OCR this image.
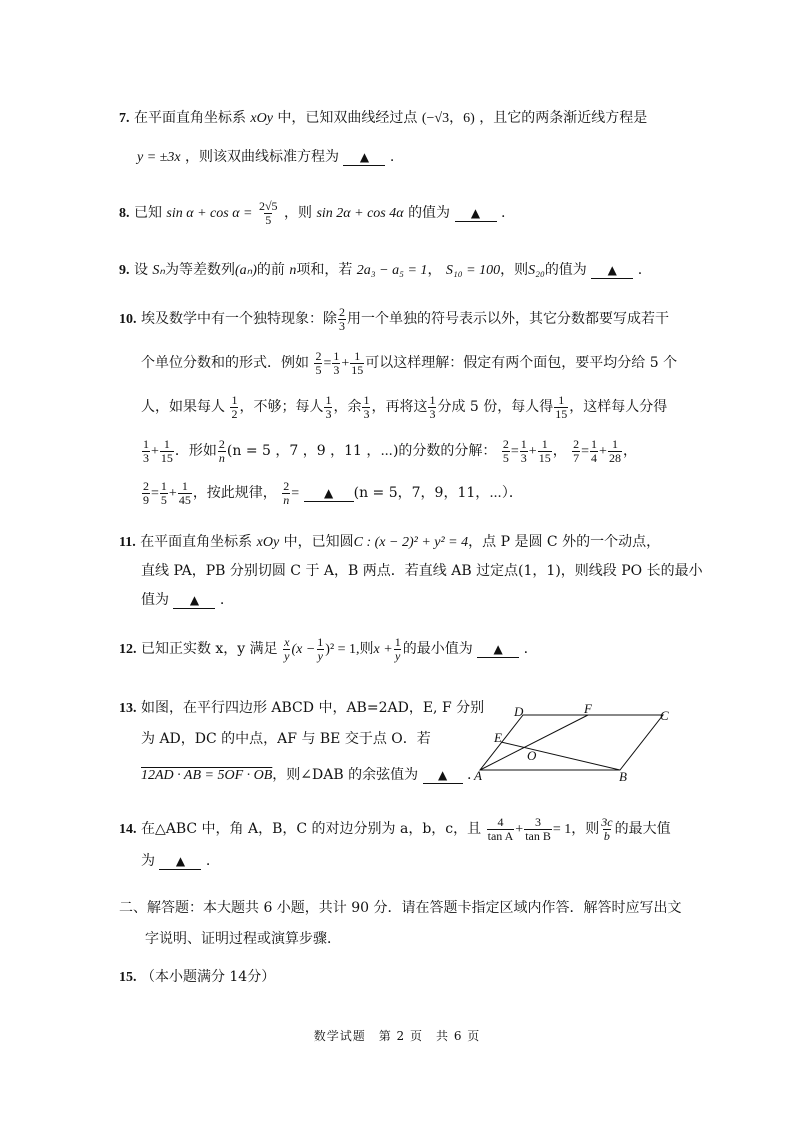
7. 在平面直角坐标系 xOy 中，已知双曲线经过点 (−√3，6) ，且它的两条渐近线方程是
y = ±3x ，则该双曲线标准方程为 ▲ .
8. 已知 $\sin \alpha + \cos \alpha = \frac{2√5}{5}$ ，则 sin 2α + cos 4α 的值为 ▲ .
9. 设 Sₙ为等差数列(aₙ)的前 n项和，若 2a₃ − a₅ = 1， S₁₀ = 100，则S₂₀的值为 ▲ .
10. 埃及数学中有一个独特现象：除 $\frac{2}{3}$ 用一个单独的符号表示以外，其它分数都要写成若干
个单位分数和的形式．例如 $\frac{2}{5} = \frac{1}{3} + \frac{1}{15}$ 可以这样理解：假定有两个面包，要平均分给 5 个
人，如果每人 $\frac{1}{2}$ ，不够；每人 $\frac{1}{3}$ ，余 $\frac{1}{3}$ ，再将这 $\frac{1}{3}$ 分成 5 份，每人得 $\frac{1}{15}$ ，这样每人分得
$\frac{1}{3} + \frac{1}{15}$ ．形如 $\frac{2}{n} (n = 5$ ，7 ，9 ，11 ，⋯)的分数的分解： $\frac{2}{5} = \frac{1}{3} + \frac{1}{15}$ ， $\frac{2}{7} = \frac{1}{4} + \frac{1}{28}$ ，
$\frac{2}{9} = \frac{1}{5} + \frac{1}{45}$ ，按此规律， $\frac{2}{n}$ = ▲ (n = 5，7，9，11，⋯）．
11. 在平面直角坐标系 xOy 中，已知圆C : (x − 2)² + y² = 4，点 P 是圆 C 外的一个动点，
直线 PA，PB 分别切圆 C 于 A，B 两点．若直线 AB 过定点(1，1)，则线段 PO 长的最小
值为 ▲ .
12. 已知正实数 x，y 满足 $\frac{x}{y} (x - \frac{1}{y} )^2 = 1$,则$x + \frac{1}{y}$ 的最小值为 ▲ .
13. 如图，在平行四边形 ABCD 中，AB=2AD，E, F 分别
为 AD，DC 的中点，AF 与 BE 交于点 O．若
12AD · AB = 5OF · OB，则∠DAB 的余弦值为 ▲ . A	B
C
D
E
F
O
14. 在△ABC 中，角 A，B，C 的对边分别为 a，b，c，且 $\frac{4}{\text{tan A}} + \frac{3}{\text{tan B}} = 1$，则 $\frac{3c}{b}$ 的最大值
为 ▲ .
二、解答题：本大题共 6 小题，共计 90 分．请在答题卡指定区域内作答．解答时应写出文
字说明、证明过程或演算步骤．
15. （本小题满分 14分）
数学试题　第 2 页　共 6 页
